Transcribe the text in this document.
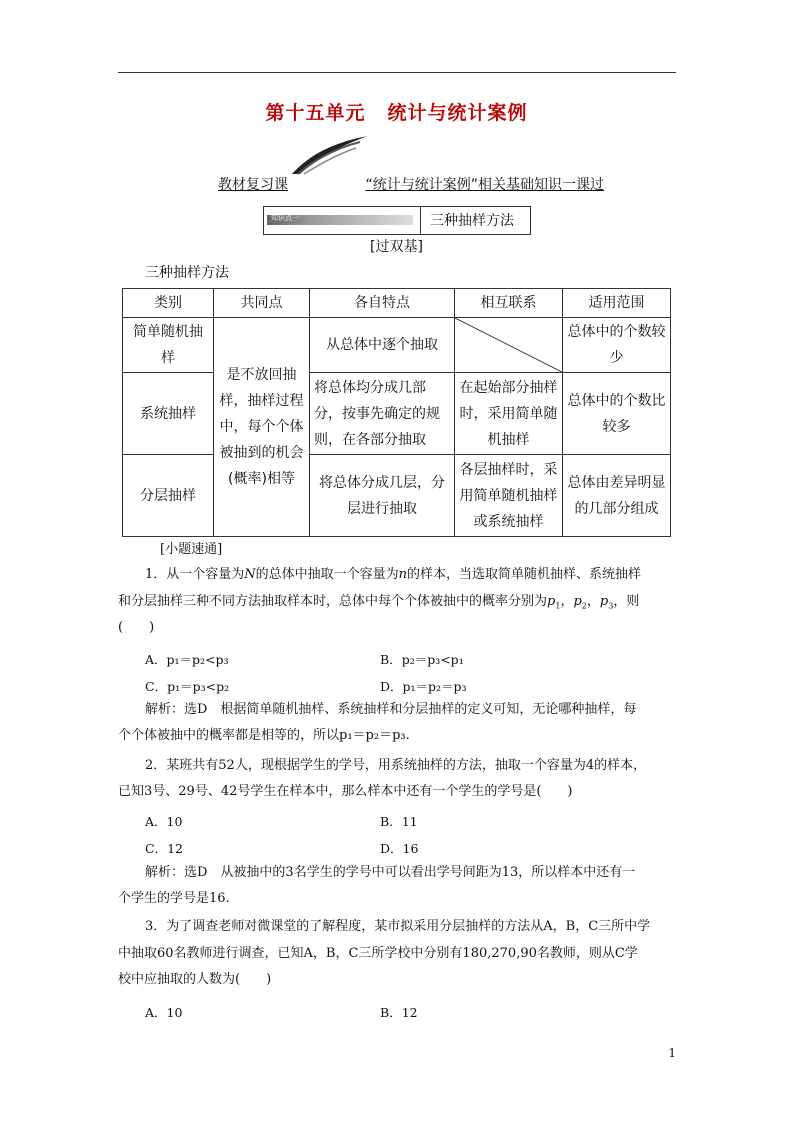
第十五单元 统计与统计案例
教材复习课	“统计与统计案例”相关基础知识一课过
知识点一	三种抽样方法
[过双基]
三种抽样方法
类别	共同点	各自特点	相互联系	适用范围
简单随机抽样	是不放回抽样，抽样过程中，每个个体被抽到的机会(概率)相等	从总体中逐个抽取		总体中的个数较少
系统抽样		将总体均分成几部分，按事先确定的规则，在各部分抽取	在起始部分抽样时，采用简单随机抽样	总体中的个数比较多
分层抽样		将总体分成几层，分层进行抽取	各层抽样时，采用简单随机抽样或系统抽样	总体由差异明显的几部分组成
[小题速通]
1．从一个容量为N的总体中抽取一个容量为n的样本，当选取简单随机抽样、系统抽样
和分层抽样三种不同方法抽取样本时，总体中每个个体被抽中的概率分别为$p_1$，$p_2$，$p_3$，则
(　　)
A．p₁＝p₂<p₃	B．p₂＝p₃<p₁
C．p₁＝p₃<p₂	D．p₁＝p₂＝p₃
解析：选D　根据简单随机抽样、系统抽样和分层抽样的定义可知，无论哪种抽样，每
个个体被抽中的概率都是相等的，所以p₁＝p₂＝p₃.
2．某班共有52人，现根据学生的学号，用系统抽样的方法，抽取一个容量为4的样本，
已知3号、29号、42号学生在样本中，那么样本中还有一个学生的学号是(　　)
A．10	B．11
C．12	D．16
解析：选D　从被抽中的3名学生的学号中可以看出学号间距为13，所以样本中还有一
个学生的学号是16.
3．为了调查老师对微课堂的了解程度，某市拟采用分层抽样的方法从A，B，C三所中学
中抽取60名教师进行调查，已知A，B，C三所学校中分别有180,270,90名教师，则从C学
校中应抽取的人数为(　　)
A．10	B．12
1
